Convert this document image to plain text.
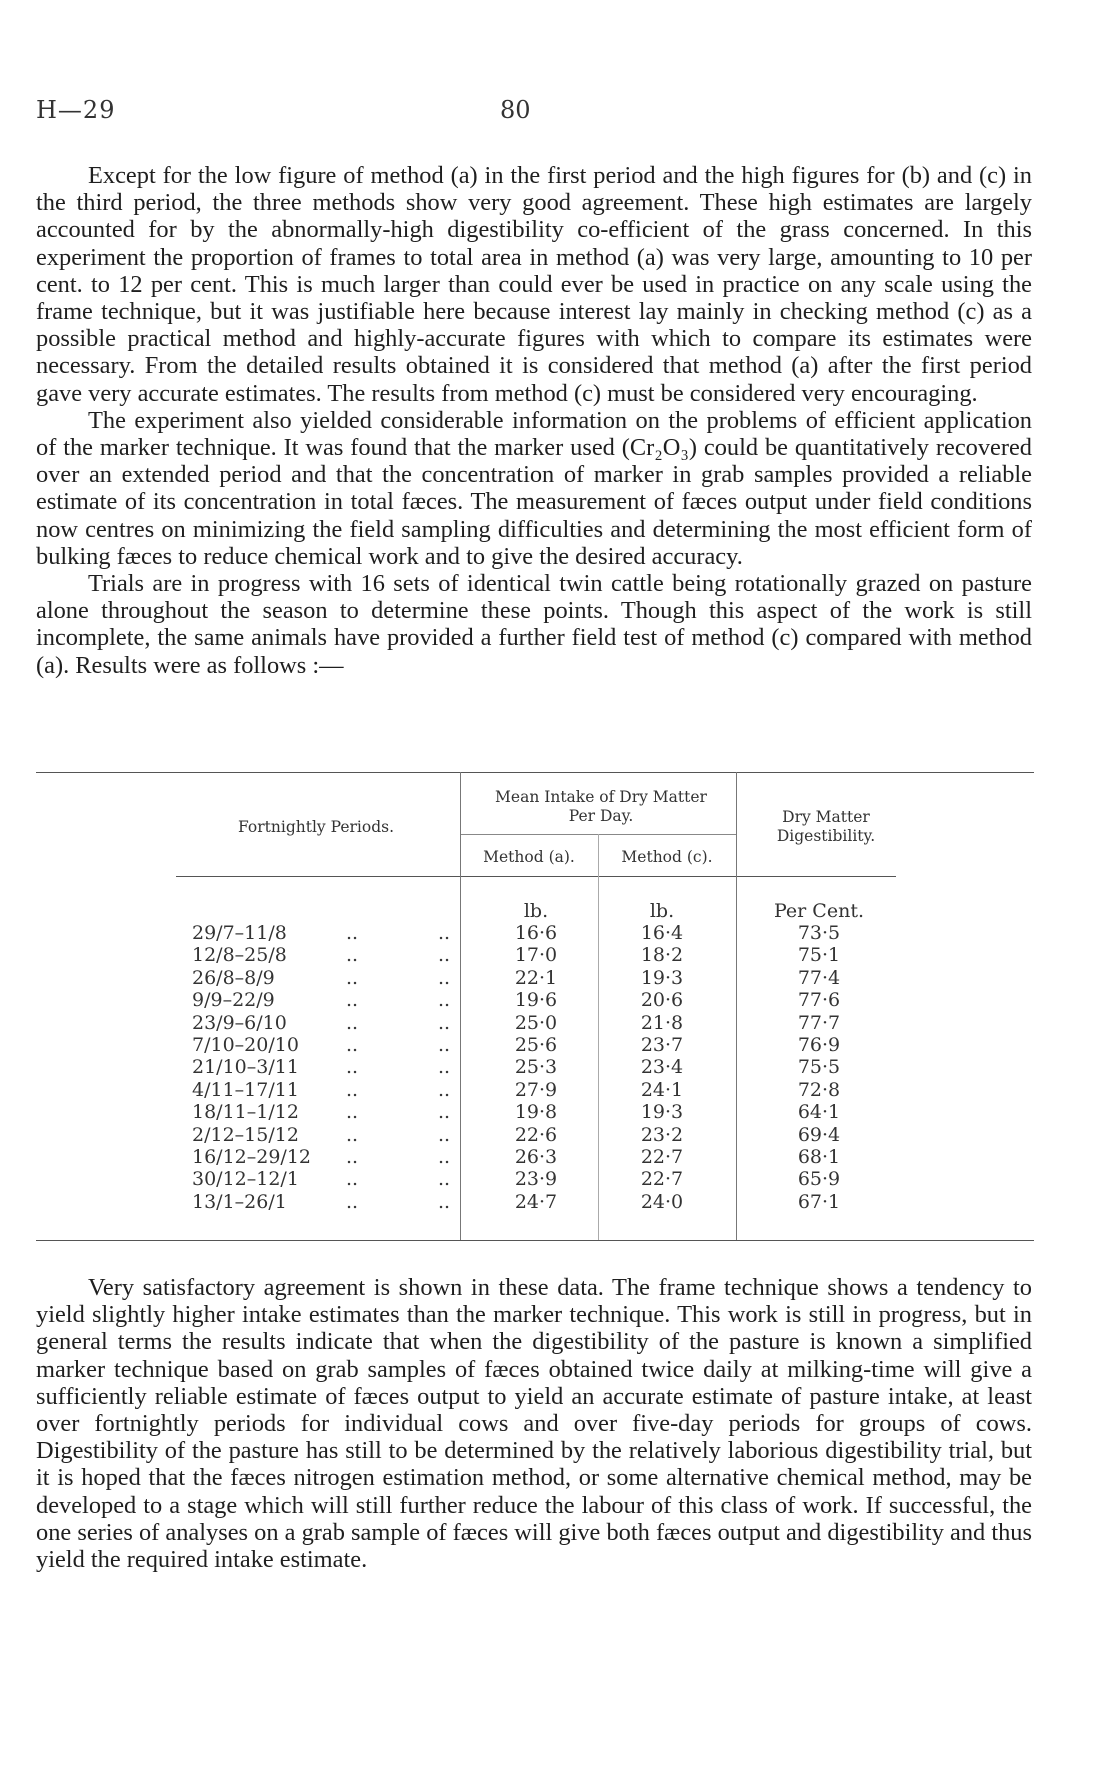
H—29	80

Except for the low figure of method (a) in the first period and the high figures for (b) and (c) in the third period, the three methods show very good agreement. These high estimates are largely accounted for by the abnormally-high digestibility co-efficient of the grass concerned. In this experiment the proportion of frames to total area in method (a) was very large, amounting to 10 per cent. to 12 per cent. This is much larger than could ever be used in practice on any scale using the frame technique, but it was justifiable here because interest lay mainly in checking method (c) as a possible practical method and highly-accurate figures with which to compare its estimates were necessary. From the detailed results obtained it is considered that method (a) after the first period gave very accurate estimates. The results from method (c) must be considered very encouraging.

The experiment also yielded considerable information on the problems of efficient application of the marker technique. It was found that the marker used (Cr₂O₃) could be quantitatively recovered over an extended period and that the concentration of marker in grab samples provided a reliable estimate of its concentration in total fæces. The measurement of fæces output under field conditions now centres on minimizing the field sampling difficulties and determining the most efficient form of bulking fæces to reduce chemical work and to give the desired accuracy.

Trials are in progress with 16 sets of identical twin cattle being rotationally grazed on pasture alone throughout the season to determine these points. Though this aspect of the work is still incomplete, the same animals have provided a further field test of method (c) compared with method (a). Results were as follows :—

Fortnightly Periods.
Mean Intake of Dry Matter Per Day.
Method (a).	Method (c).
Dry Matter Digestibility.
lb.	lb.	Per Cent.
29/7–11/8	..	..	16·6	16·4	73·5
12/8–25/8	..	..	17·0	18·2	75·1
26/8–8/9	..	..	22·1	19·3	77·4
9/9–22/9	..	..	19·6	20·6	77·6
23/9–6/10	..	..	25·0	21·8	77·7
7/10–20/10 ..	..	25·6	23·7	76·9
21/10–3/11 ..	..	25·3	23·4	75·5
4/11–17/11 ..	..	27·9	24·1	72·8
18/11–1/12 ..	..	19·8	19·3	64·1
2/12–15/12 ..	..	22·6	23·2	69·4
16/12–29/12 ..	..	26·3	22·7	68·1
30/12–12/1 ..	..	23·9	22·7	65·9
13/1–26/1	..	..	24·7	24·0	67·1

Very satisfactory agreement is shown in these data. The frame technique shows a tendency to yield slightly higher intake estimates than the marker technique. This work is still in progress, but in general terms the results indicate that when the digestibility of the pasture is known a simplified marker technique based on grab samples of fæces obtained twice daily at milking-time will give a sufficiently reliable estimate of fæces output to yield an accurate estimate of pasture intake, at least over fortnightly periods for individual cows and over five-day periods for groups of cows. Digestibility of the pasture has still to be determined by the relatively laborious digestibility trial, but it is hoped that the fæces nitrogen estimation method, or some alternative chemical method, may be developed to a stage which will still further reduce the labour of this class of work. If successful, the one series of analyses on a grab sample of fæces will give both fæces output and digestibility and thus yield the required intake estimate.
